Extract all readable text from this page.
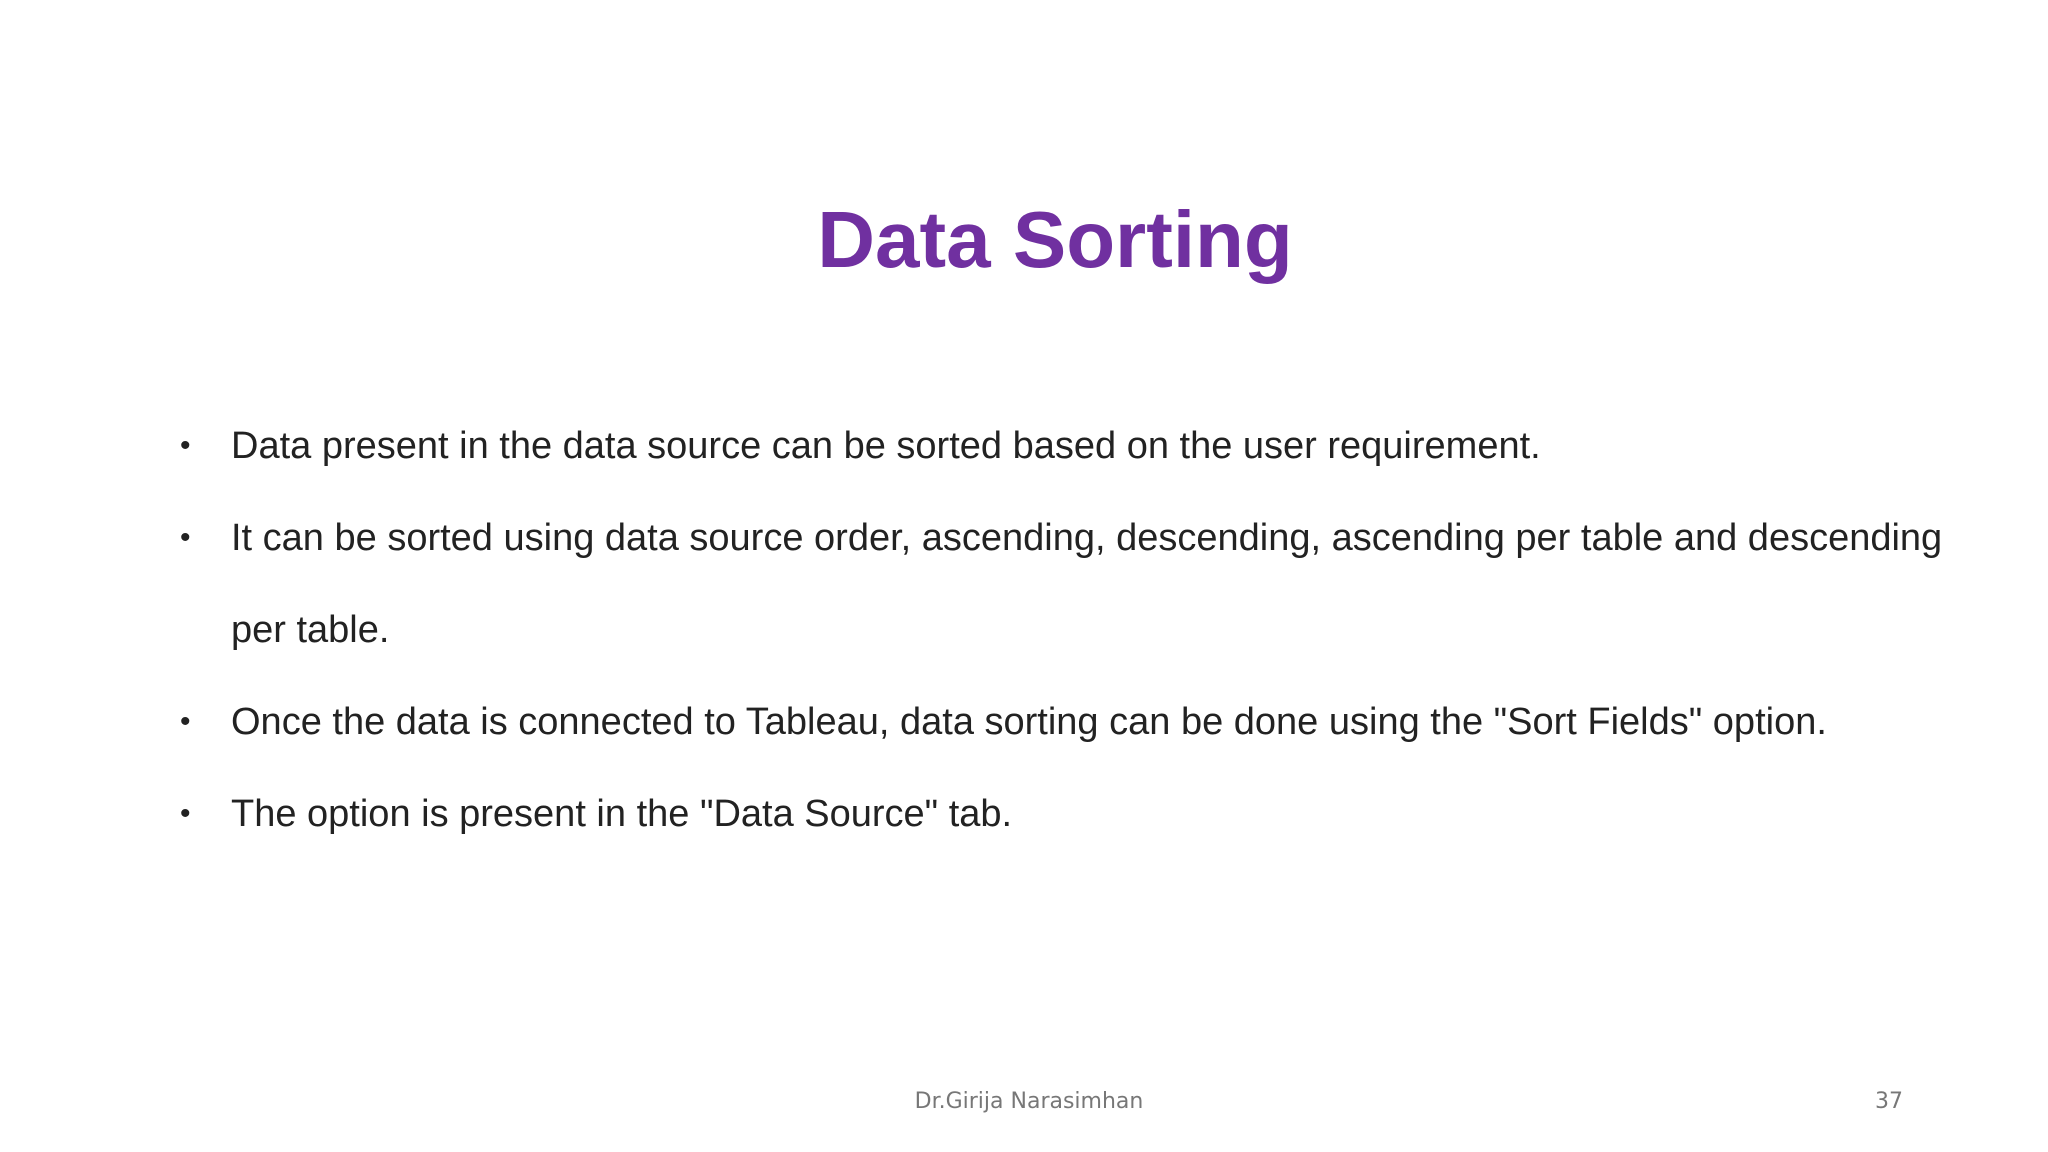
Data Sorting
• Data present in the data source can be sorted based on the user requirement.
• It can be sorted using data source order, ascending, descending, ascending per table and descending per table.
• Once the data is connected to Tableau, data sorting can be done using the "Sort Fields" option.
• The option is present in the "Data Source" tab.
Dr.Girija Narasimhan	37
